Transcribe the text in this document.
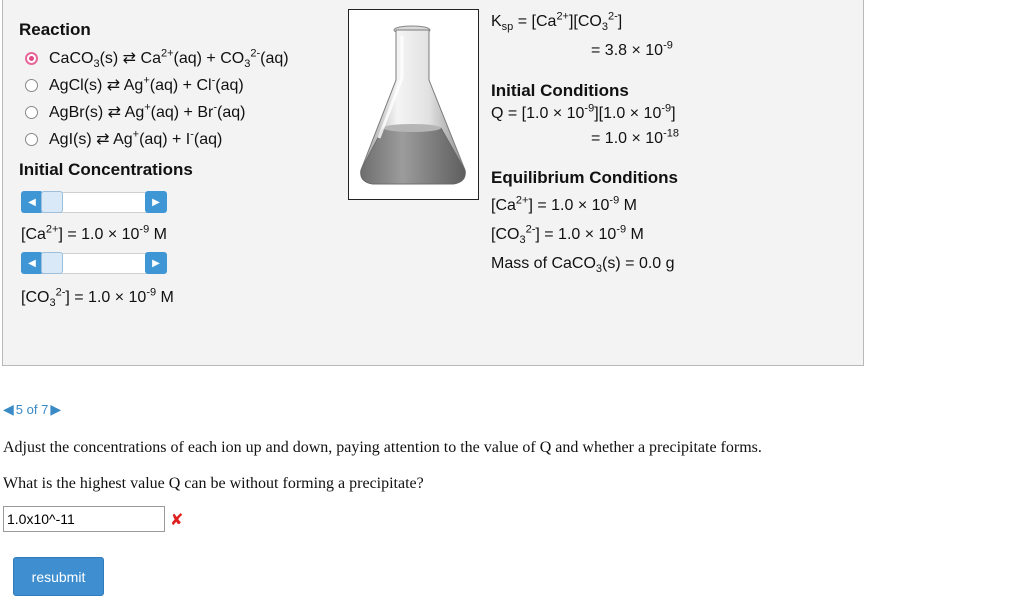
Reaction
CaCO$_3$(s) ⇄ $Ca^{2+}(aq) + CO_3^{2-}(aq)$
AgCl(s) ⇄ Ag+(aq) + Cl-(aq)
AgBr(s) ⇄ Ag+(aq) + Br-(aq)
AgI(s) ⇄ Ag+(aq) + I-(aq)
Initial Concentrations
◀	▶
$[Ca^{2+}] = 1.0 \times 10^{-9}$ M
◀	▶
$[CO_3^{2-}] = 1.0 \times 10^{-9}$ M
$K_{sp} = [Ca^{2+}][CO_3^{2-}]$
= $3.8 \times 10^{-9}$
Initial Conditions
$Q = [1.0 \times 10^{-9}][1.0 \times 10^{-9}]$
= $1.0 \times 10^{-18}$
Equilibrium Conditions
$[Ca^{2+}] = 1.0 \times 10^{-9}$ M
$[CO_3^{2-}] = 1.0 \times 10^{-9}$ M
Mass of CaCO$_3$(s) = 0.0 g
◀ 5 of 7 ▶
Adjust the concentrations of each ion up and down, paying attention to the value of Q and whether a precipitate forms.
What is the highest value Q can be without forming a precipitate?
1.0x10^-11
✘
resubmit
